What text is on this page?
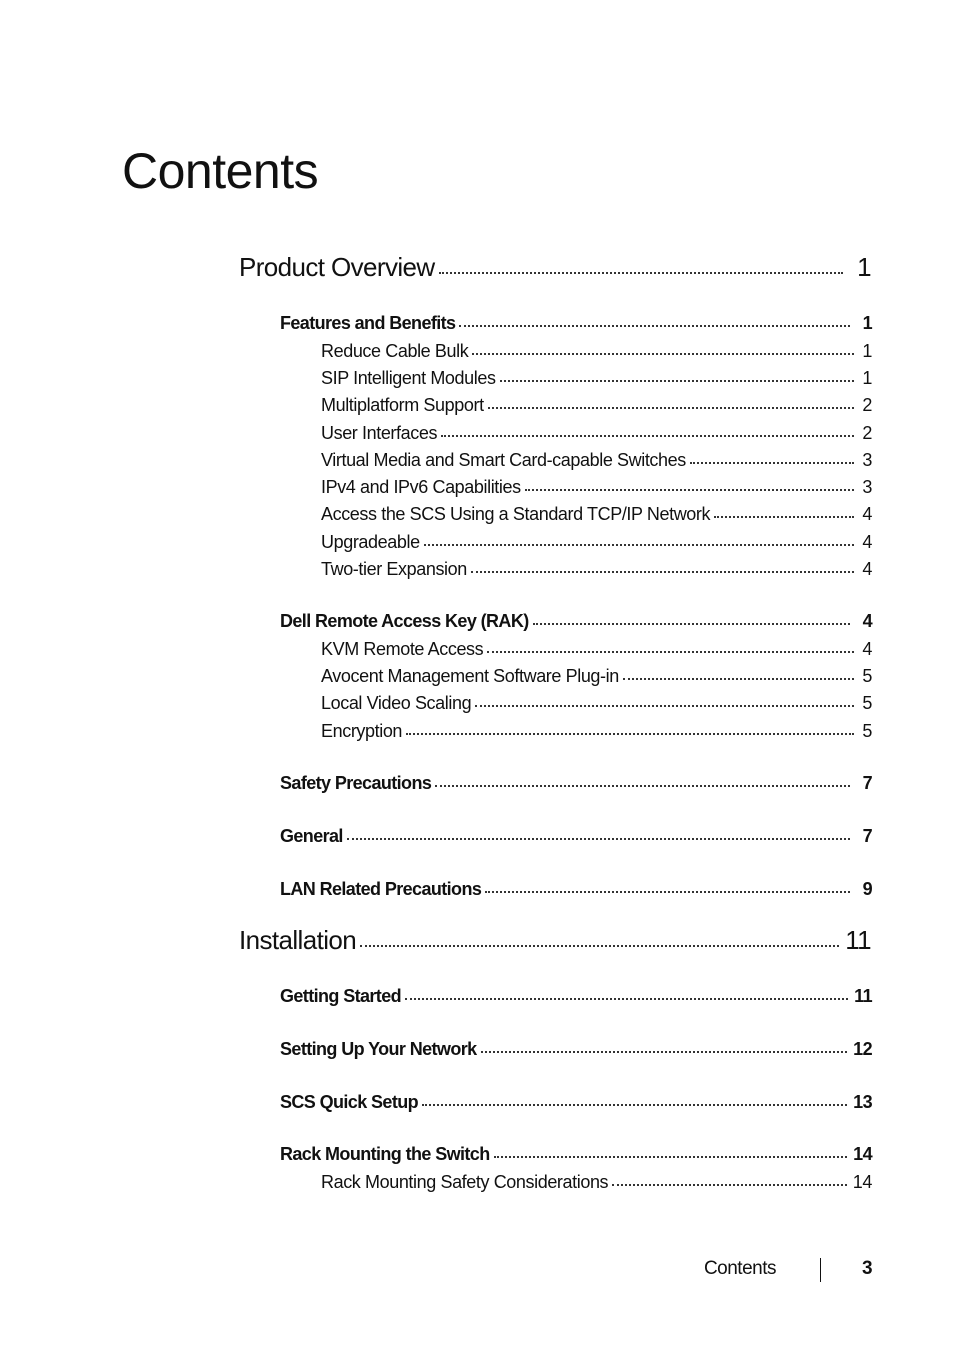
Contents
Product Overview	1
Features and Benefits	1
Reduce Cable Bulk	1
SIP Intelligent Modules	1
Multiplatform Support	2
User Interfaces	2
Virtual Media and Smart Card-capable Switches	3
IPv4 and IPv6 Capabilities	3
Access the SCS Using a Standard TCP/IP Network	4
Upgradeable	4
Two-tier Expansion	4
Dell Remote Access Key (RAK)	4
KVM Remote Access	4
Avocent Management Software Plug-in	5
Local Video Scaling	5
Encryption	5
Safety Precautions	7
General	7
LAN Related Precautions	9
Installation	11
Getting Started	11
Setting Up Your Network	12
SCS Quick Setup	13
Rack Mounting the Switch	14
Rack Mounting Safety Considerations	14
Contents	3
